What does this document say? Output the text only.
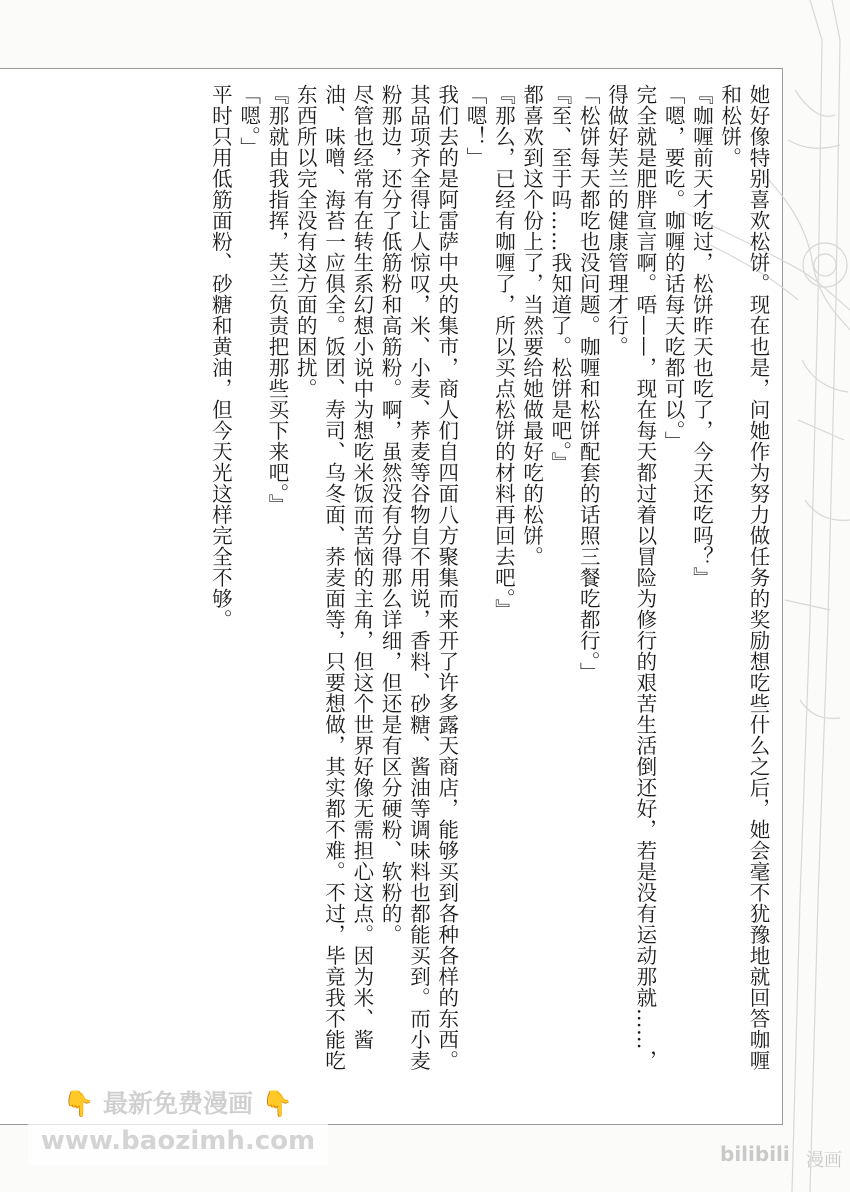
她好像特别喜欢松饼。现在也是，问她作为努力做任务的奖励想吃些什么之后，她会毫不犹豫地就回答咖喱和松饼。

『咖喱前天才吃过，松饼昨天也吃了，今天还吃吗？』

「嗯，要吃。咖喱的话每天吃都可以。」

完全就是肥胖宣言啊。唔——，现在每天都过着以冒险为修行的艰苦生活倒还好，若是没有运动那就……，得做好芙兰的健康管理才行。

「松饼每天都吃也没问题。咖喱和松饼配套的话照三餐吃都行。」

『至、至于吗……我知道了。松饼是吧。』

都喜欢到这个份上了，当然要给她做最好吃的松饼。

『那么，已经有咖喱了，所以买点松饼的材料再回去吧。』

「嗯！」

我们去的是阿雷萨中央的集市，商人们自四面八方聚集而来开了许多露天商店，能够买到各种各样的东西。其品项齐全得让人惊叹，米、小麦、荞麦等谷物自不用说，香料、砂糖、酱油等调味料也都能买到。而小麦粉那边，还分了低筋粉和高筋粉。啊，虽然没有分得那么详细，但还是有区分硬粉、软粉的。

尽管也经常有在转生系幻想小说中为想吃米饭而苦恼的主角，但这个世界好像无需担心这点。因为米、酱油、味噌、海苔一应俱全。饭团、寿司、乌冬面、荞麦面等，只要想做，其实都不难。不过，毕竟我不能吃东西所以完全没有这方面的困扰。

『那就由我指挥，芙兰负责把那些买下来吧。』

「嗯。」

平时只用低筋面粉、砂糖和黄油，但今天光这样完全不够。

👇 最新免费漫画 👇
www.baozimh.com	bilibili 漫画
